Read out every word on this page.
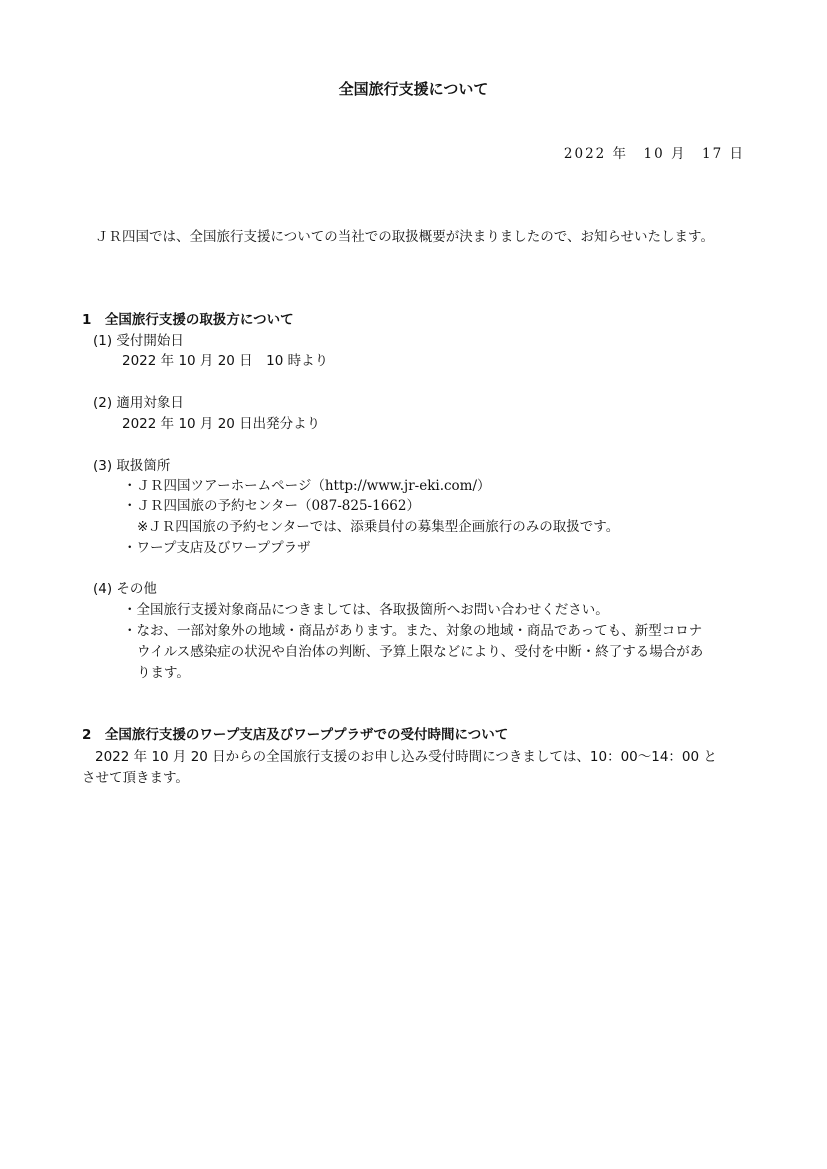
全国旅行支援について
2022 年　10 月　17 日
ＪＲ四国では、全国旅行支援についての当社での取扱概要が決まりましたので、お知らせいたします。
1　全国旅行支援の取扱方について
(1) 受付開始日
2022 年 10 月 20 日　10 時より
(2) 適用対象日
2022 年 10 月 20 日出発分より
(3) 取扱箇所
・ＪＲ四国ツアーホームページ（http://www.jr-eki.com/）
・ＪＲ四国旅の予約センター（087-825-1662）
※ＪＲ四国旅の予約センターでは、添乗員付の募集型企画旅行のみの取扱です。
・ワープ支店及びワーププラザ
(4) その他
・全国旅行支援対象商品につきましては、各取扱箇所へお問い合わせください。
・なお、一部対象外の地域・商品があります。また、対象の地域・商品であっても、新型コロナ
ウイルス感染症の状況や自治体の判断、予算上限などにより、受付を中断・終了する場合があ
ります。
2　全国旅行支援のワープ支店及びワーププラザでの受付時間について
2022 年 10 月 20 日からの全国旅行支援のお申し込み受付時間につきましては、10：00～14：00 と
させて頂きます。
